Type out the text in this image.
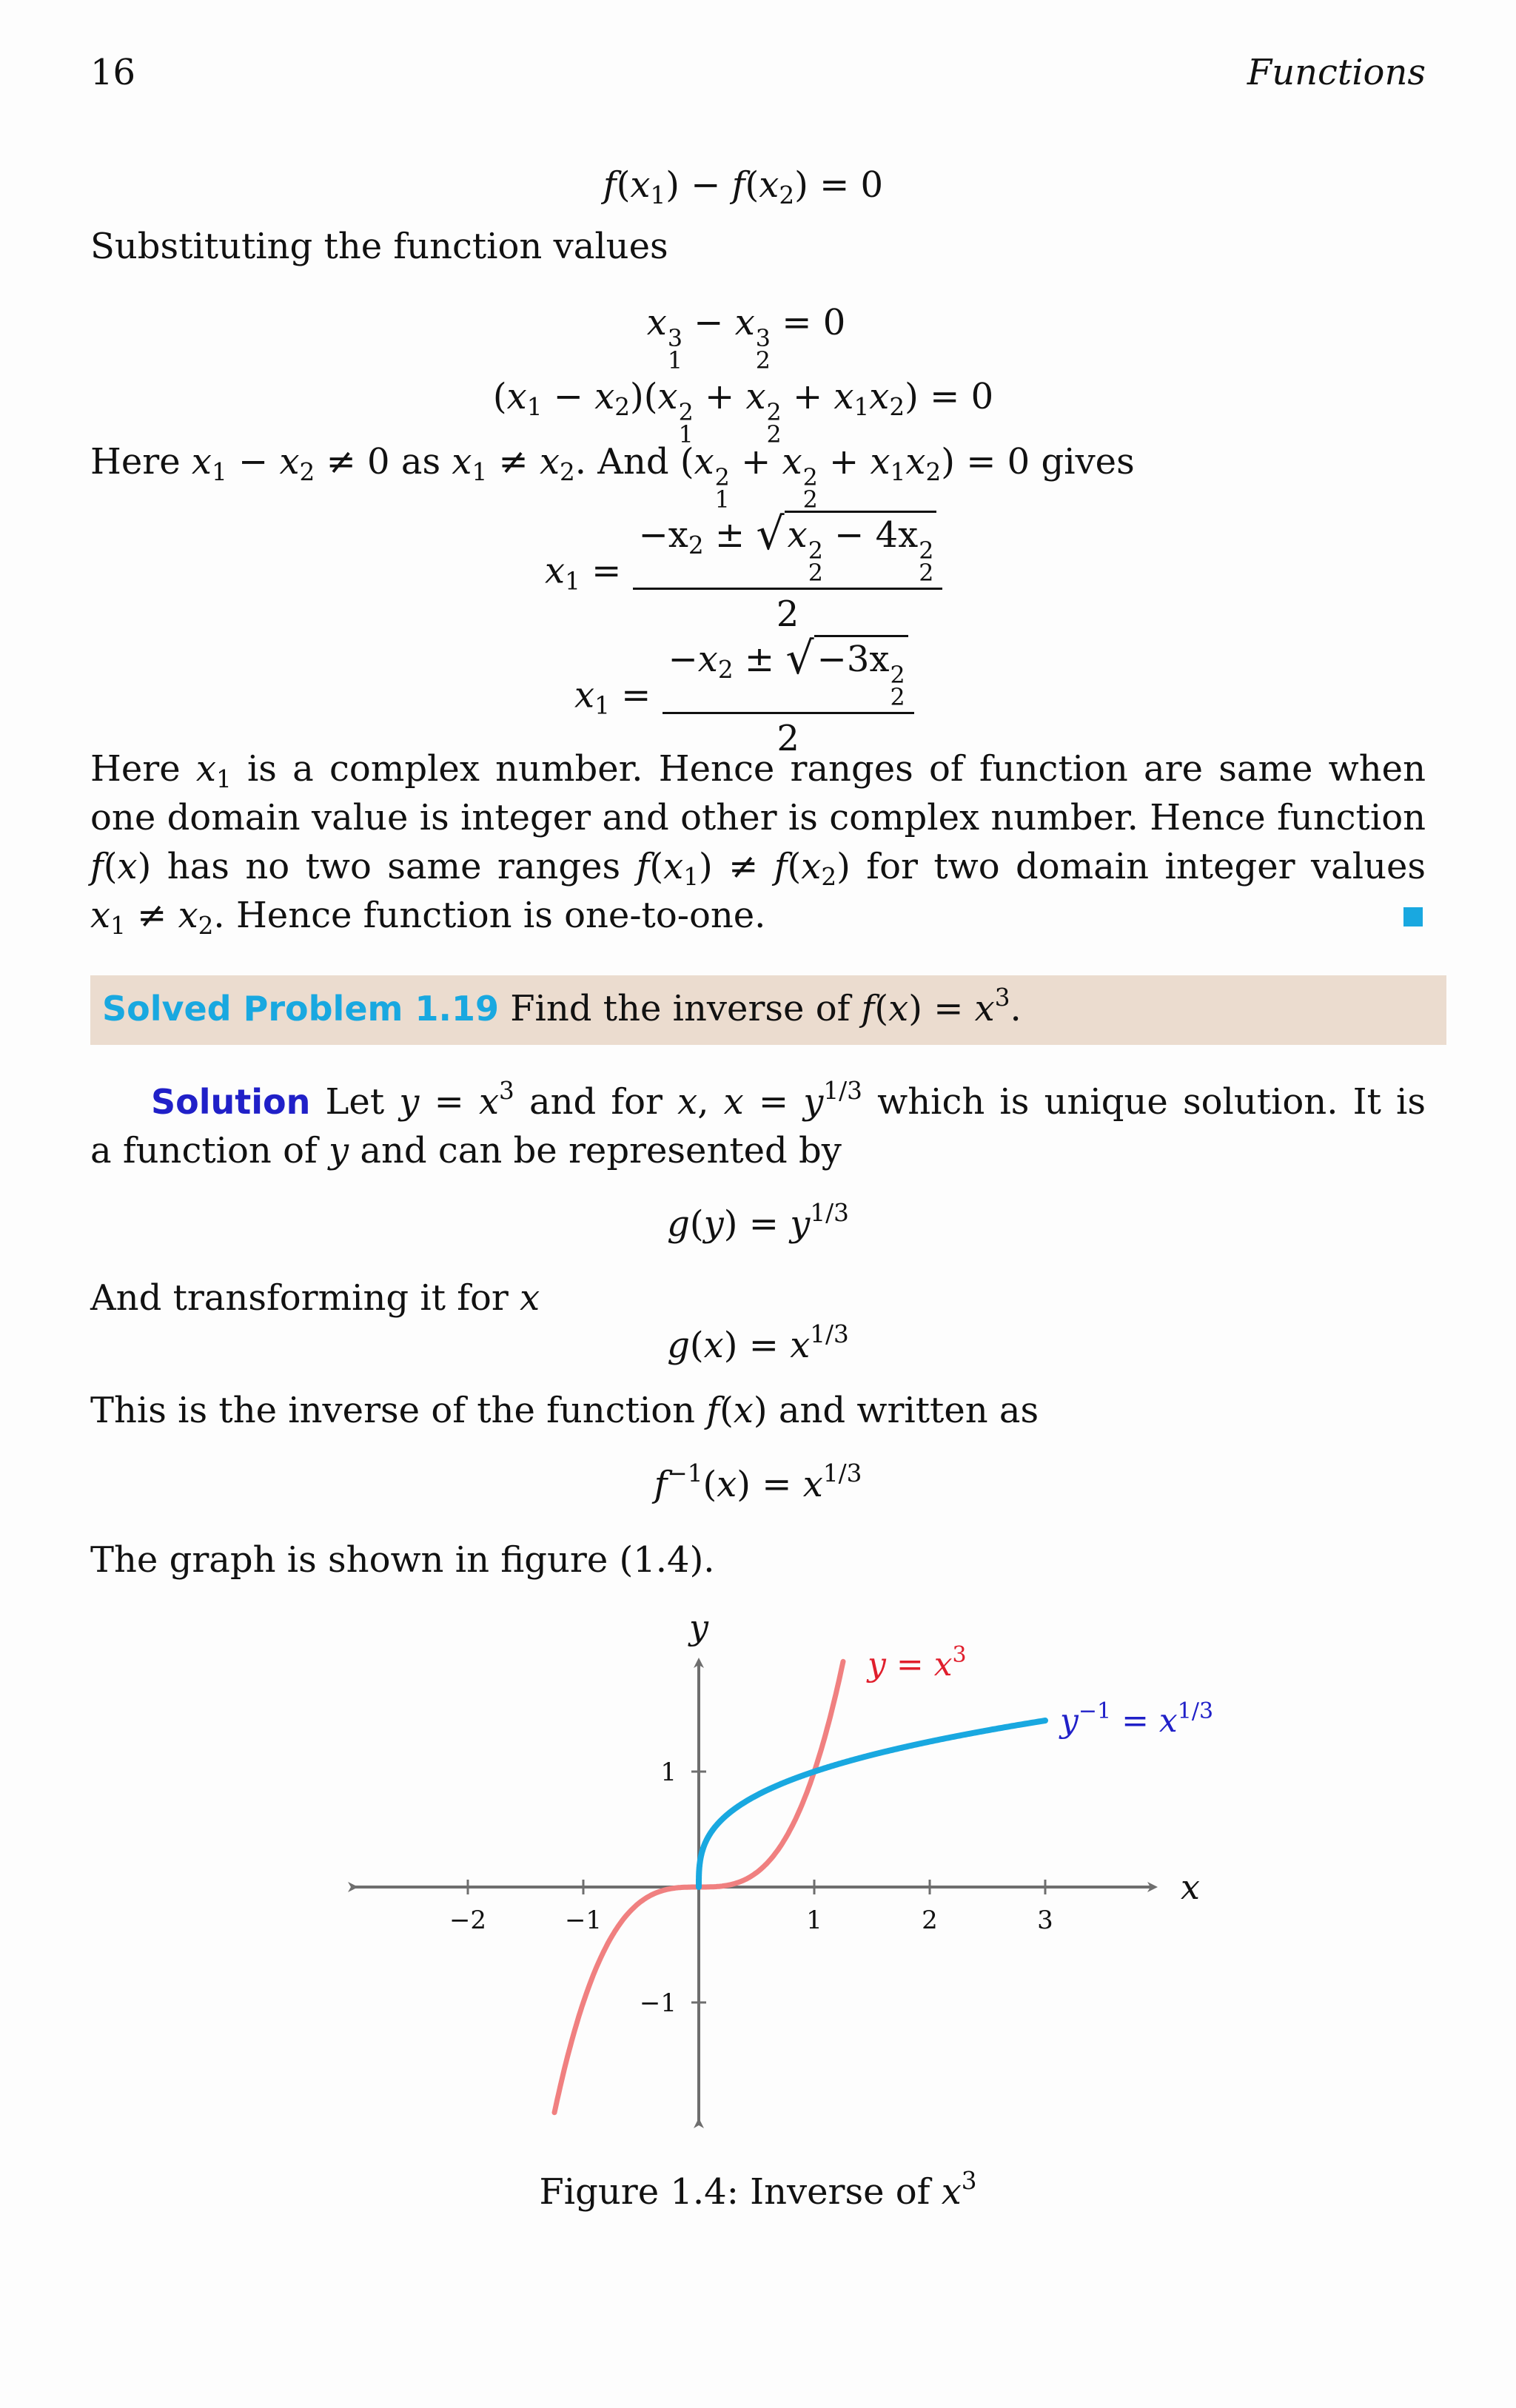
16	Functions
$f(x_1) - f(x_2) = 0$
Substituting the function values
x 3
1
− x 3
2
= 0
$(x_1 - x_2)(x$ 2
1
+ x 2
2
+ $x_1x_2) = 0$
Here $x_1 - x_2 \ne 0$ as $x_1 \ne x_2$. And (x 2
1
+ x 2
2
+ $x_1x_2) = 0$ gives
$x_1 = -x_2 \pm √x$ 2
2
− 4x 2
2
2
$x_1 = -x_2 \pm √-3x$ 2
2
2
Here $x_1$ is a complex number. Hence ranges of function are same when
one domain value is integer and other is complex number. Hence function
f(x) has no two same ranges $f(x_1) \ne f(x_2)$ for two domain integer values
$x_1 \ne x_2$. Hence function is one-to-one.
Solved Problem 1.19 Find the inverse of $f(x) = x^3$.
Solution Let $y = x^3$ and for x, $x = y^{1/3}$ which is unique solution. It is
a function of y and can be represented by
$g(y) = y^{1/3}$
And transforming it for x
$g(x) = x^{1/3}$
This is the inverse of the function f(x) and written as
$f^{-1}(x) = x^{1/3}$
The graph is shown in figure (1.4).
−2	−1	1	2	3
1
−1
y
x
$y = x^3$
$y^{-1} = x^{1/3}$
Figure 1.4: Inverse of $x^3$
